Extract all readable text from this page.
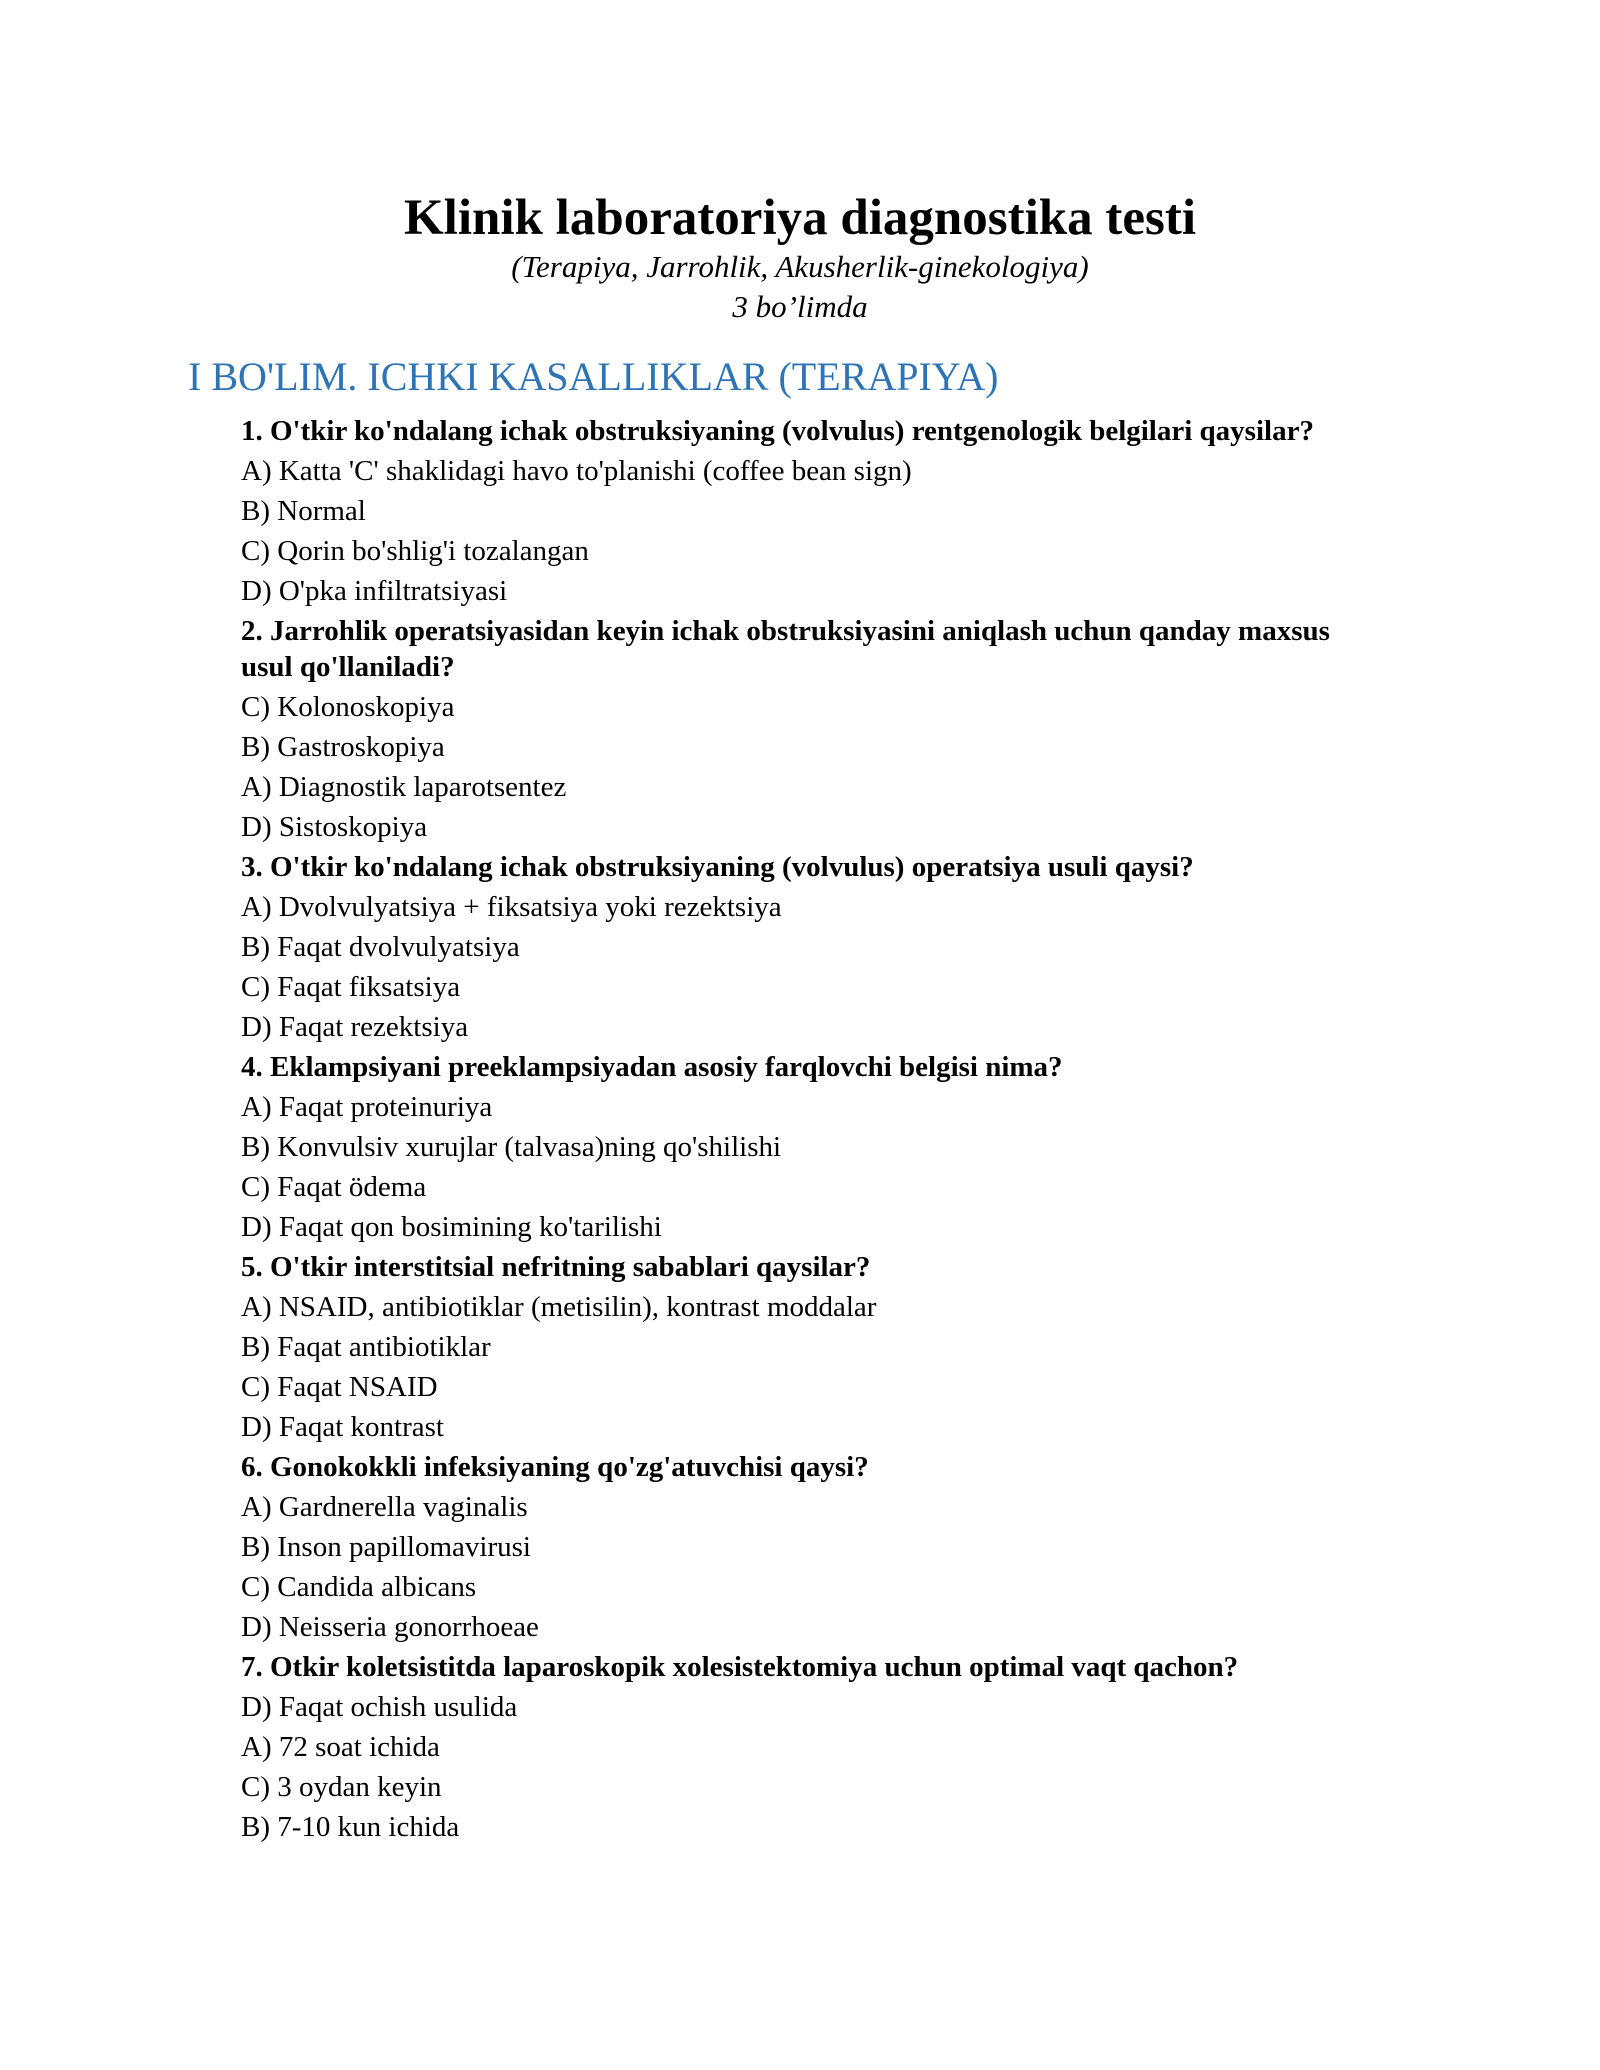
Klinik laboratoriya diagnostika testi
(Terapiya, Jarrohlik, Akusherlik-ginekologiya)
3 bo’limda
I BO'LIM. ICHKI KASALLIKLAR (TERAPIYA)
1. O'tkir ko'ndalang ichak obstruksiyaning (volvulus) rentgenologik belgilari qaysilar?
A) Katta 'C' shaklidagi havo to'planishi (coffee bean sign)
B) Normal
C) Qorin bo'shlig'i tozalangan
D) O'pka infiltratsiyasi
2. Jarrohlik operatsiyasidan keyin ichak obstruksiyasini aniqlash uchun qanday maxsus usul qo'llaniladi?
C) Kolonoskopiya
B) Gastroskopiya
A) Diagnostik laparotsentez
D) Sistoskopiya
3. O'tkir ko'ndalang ichak obstruksiyaning (volvulus) operatsiya usuli qaysi?
A) Dvolvulyatsiya + fiksatsiya yoki rezektsiya
B) Faqat dvolvulyatsiya
C) Faqat fiksatsiya
D) Faqat rezektsiya
4. Eklampsiyani preeklampsiyadan asosiy farqlovchi belgisi nima?
A) Faqat proteinuriya
B) Konvulsiv xurujlar (talvasa)ning qo'shilishi
C) Faqat ödema
D) Faqat qon bosimining ko'tarilishi
5. O'tkir interstitsial nefritning sabablari qaysilar?
A) NSAID, antibiotiklar (metisilin), kontrast moddalar
B) Faqat antibiotiklar
C) Faqat NSAID
D) Faqat kontrast
6. Gonokokkli infeksiyaning qo'zg'atuvchisi qaysi?
A) Gardnerella vaginalis
B) Inson papillomavirusi
C) Candida albicans
D) Neisseria gonorrhoeae
7. Otkir koletsistitda laparoskopik xolesistektomiya uchun optimal vaqt qachon?
D) Faqat ochish usulida
A) 72 soat ichida
C) 3 oydan keyin
B) 7-10 kun ichida
